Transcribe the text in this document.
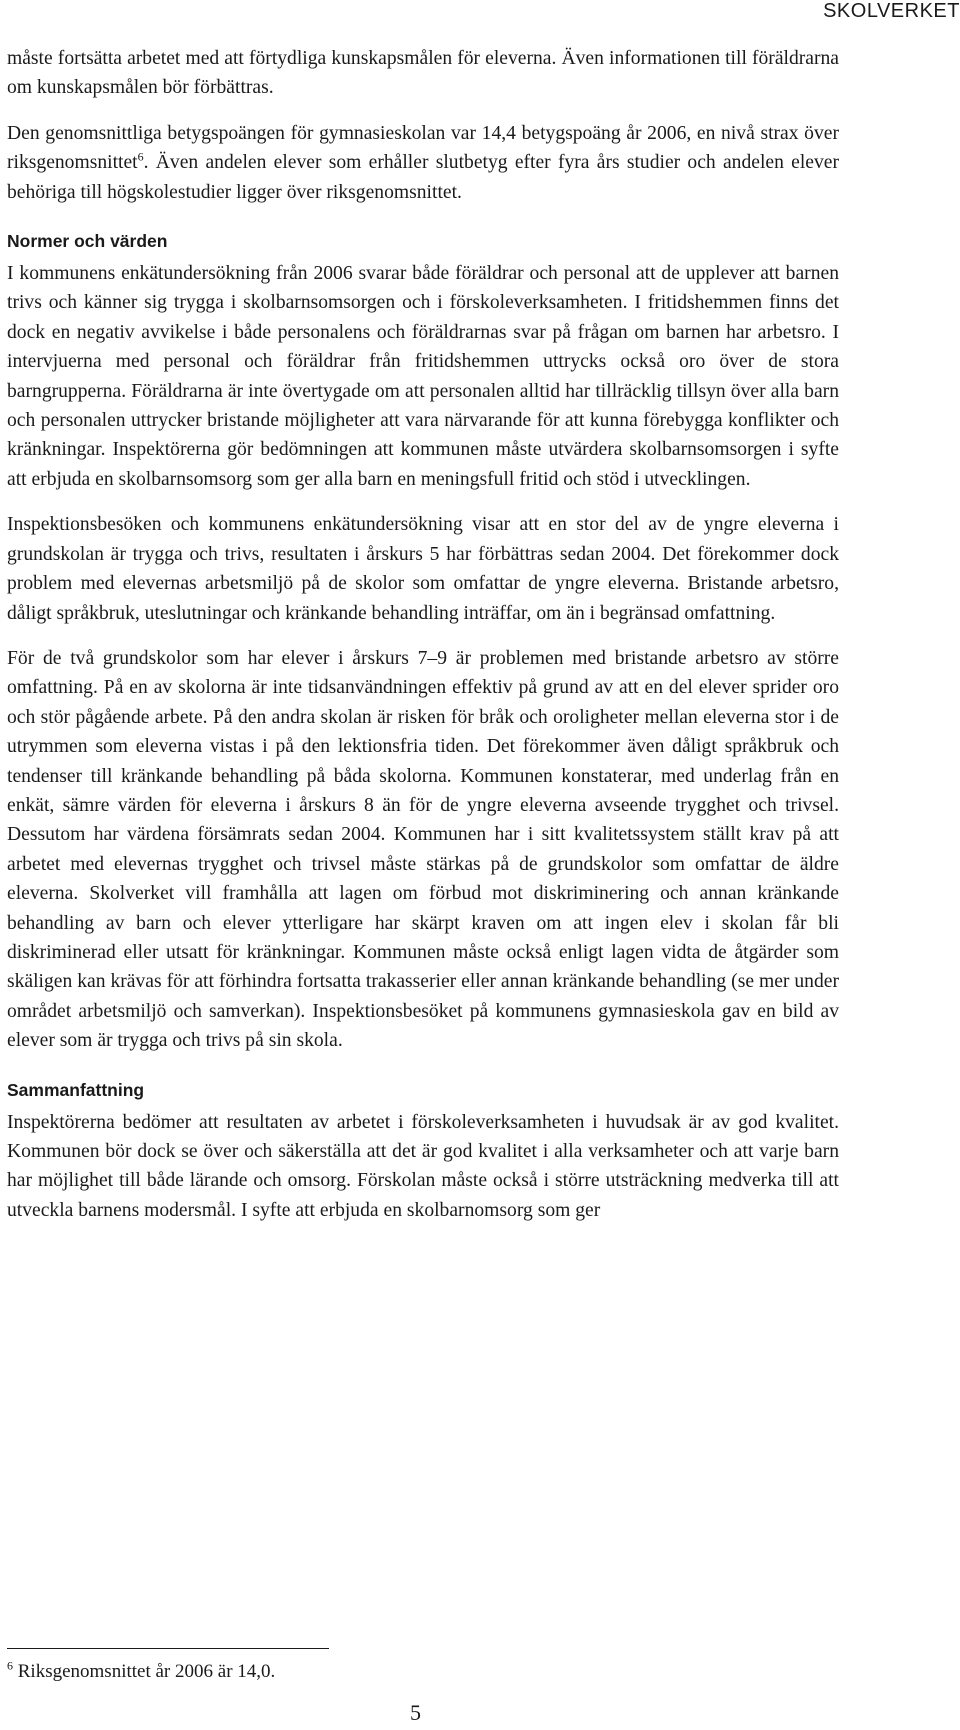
SKOLVERKET

måste fortsätta arbetet med att förtydliga kunskapsmålen för eleverna. Även informationen till föräldrarna om kunskapsmålen bör förbättras.

Den genomsnittliga betygspoängen för gymnasieskolan var 14,4 betygspoäng år 2006, en nivå strax över riksgenomsnittet$^6$. Även andelen elever som erhåller slutbetyg efter fyra års studier och andelen elever behöriga till högskolestudier ligger över riksgenomsnittet.

Normer och värden

I kommunens enkätundersökning från 2006 svarar både föräldrar och personal att de upplever att barnen trivs och känner sig trygga i skolbarnsomsorgen och i förskoleverksamheten. I fritidshemmen finns det dock en negativ avvikelse i både personalens och föräldrarnas svar på frågan om barnen har arbetsro. I intervjuerna med personal och föräldrar från fritidshemmen uttrycks också oro över de stora barngrupperna. Föräldrarna är inte övertygade om att personalen alltid har tillräcklig tillsyn över alla barn och personalen uttrycker bristande möjligheter att vara närvarande för att kunna förebygga konflikter och kränkningar. Inspektörerna gör bedömningen att kommunen måste utvärdera skolbarnsomsorgen i syfte att erbjuda en skolbarnsomsorg som ger alla barn en meningsfull fritid och stöd i utvecklingen.

Inspektionsbesöken och kommunens enkätundersökning visar att en stor del av de yngre eleverna i grundskolan är trygga och trivs, resultaten i årskurs 5 har förbättras sedan 2004. Det förekommer dock problem med elevernas arbetsmiljö på de skolor som omfattar de yngre eleverna. Bristande arbetsro, dåligt språkbruk, uteslutningar och kränkande behandling inträffar, om än i begränsad omfattning.

För de två grundskolor som har elever i årskurs 7–9 är problemen med bristande arbetsro av större omfattning. På en av skolorna är inte tidsanvändningen effektiv på grund av att en del elever sprider oro och stör pågående arbete. På den andra skolan är risken för bråk och oroligheter mellan eleverna stor i de utrymmen som eleverna vistas i på den lektionsfria tiden. Det förekommer även dåligt språkbruk och tendenser till kränkande behandling på båda skolorna. Kommunen konstaterar, med underlag från en enkät, sämre värden för eleverna i årskurs 8 än för de yngre eleverna avseende trygghet och trivsel. Dessutom har värdena försämrats sedan 2004. Kommunen har i sitt kvalitetssystem ställt krav på att arbetet med elevernas trygghet och trivsel måste stärkas på de grundskolor som omfattar de äldre eleverna. Skolverket vill framhålla att lagen om förbud mot diskriminering och annan kränkande behandling av barn och elever ytterligare har skärpt kraven om att ingen elev i skolan får bli diskriminerad eller utsatt för kränkningar. Kommunen måste också enligt lagen vidta de åtgärder som skäligen kan krävas för att förhindra fortsatta trakasserier eller annan kränkande behandling (se mer under området arbetsmiljö och samverkan). Inspektionsbesöket på kommunens gymnasieskola gav en bild av elever som är trygga och trivs på sin skola.

Sammanfattning

Inspektörerna bedömer att resultaten av arbetet i förskoleverksamheten i huvudsak är av god kvalitet. Kommunen bör dock se över och säkerställa att det är god kvalitet i alla verksamheter och att varje barn har möjlighet till både lärande och omsorg. Förskolan måste också i större utsträckning medverka till att utveckla barnens modersmål. I syfte att erbjuda en skolbarnomsorg som ger

$^6$ Riksgenomsnittet år 2006 är 14,0.
5
